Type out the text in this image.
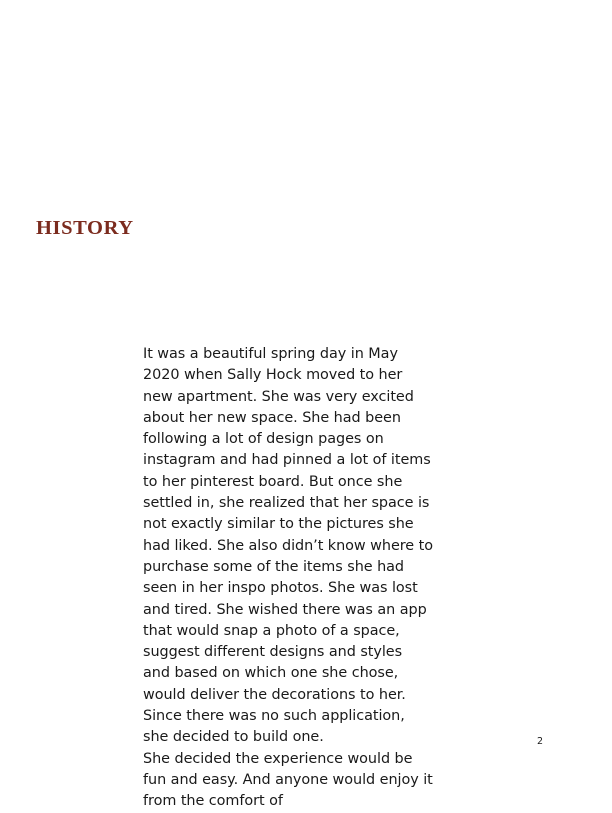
HISTORY

It was a beautiful spring day in May 2020 when Sally Hock moved to her new apartment. She was very excited about her new space. She had been following a lot of design pages on instagram and had pinned a lot of items to her pinterest board. But once she settled in, she realized that her space is not exactly similar to the pictures she had liked. She also didn’t know where to purchase some of the items she had seen in her inspo photos. She was lost and tired. She wished there was an app that would snap a photo of a space, suggest different designs and styles and based on which one she chose, would deliver the decorations to her. Since there was no such application, she decided to build one.

She decided the experience would be fun and easy. And anyone would enjoy it from the comfort of

2
